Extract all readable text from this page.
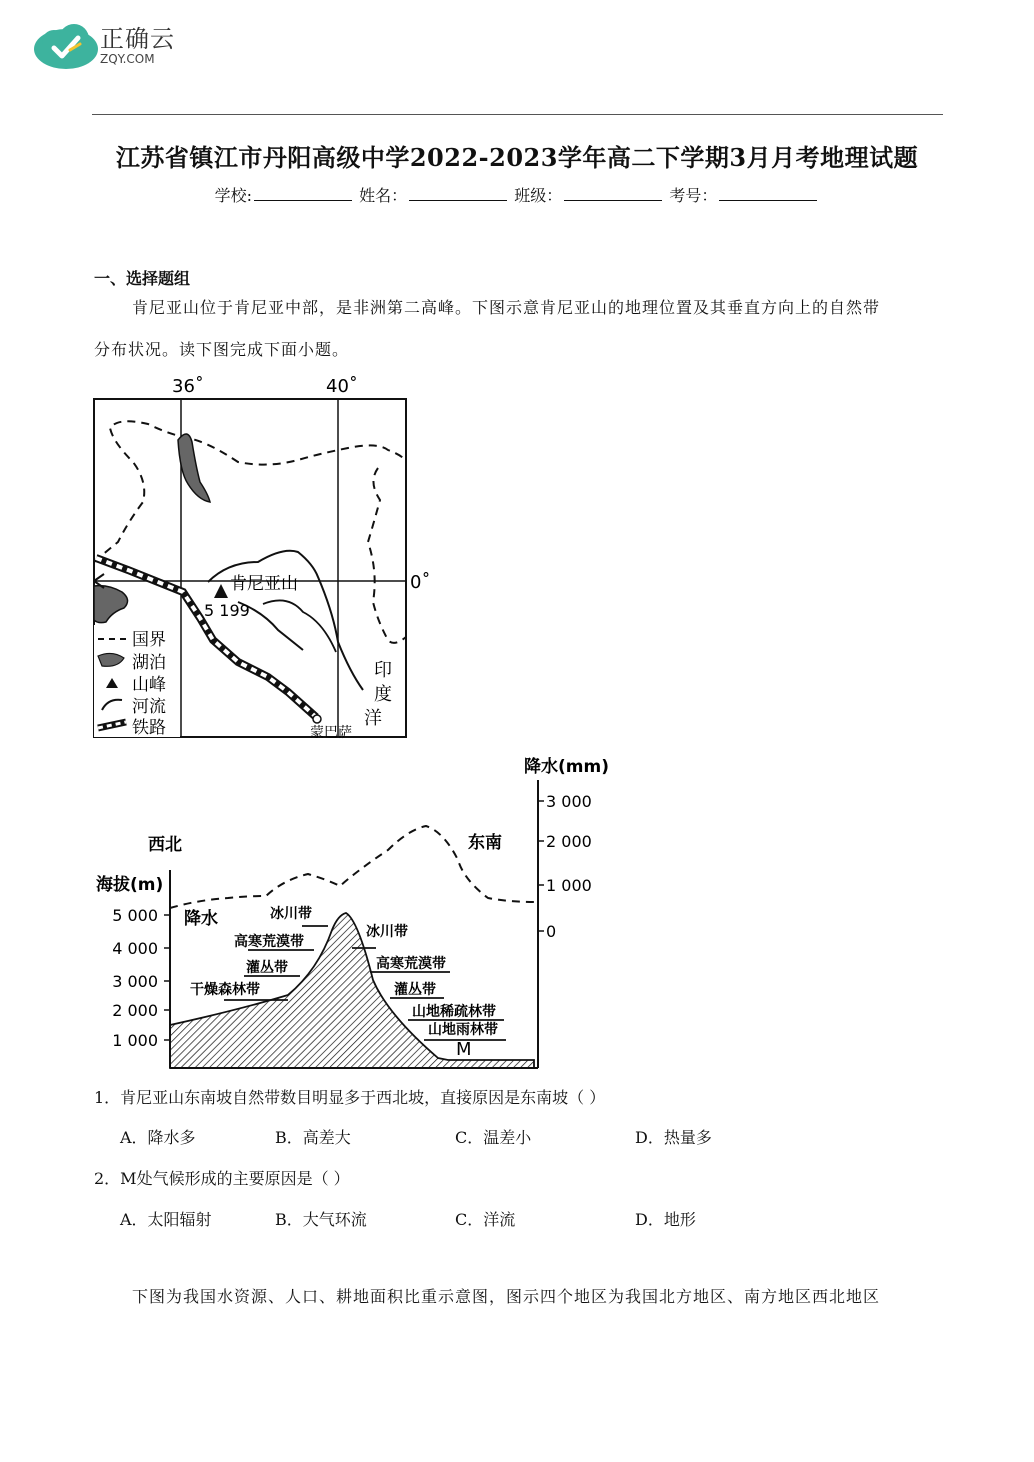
正确云
ZQY.COM
江苏省镇江市丹阳高级中学2022-2023学年高二下学期3月月考地理试题
学校:	姓名：	班级：	考号：
一、选择题组
肯尼亚山位于肯尼亚中部，是非洲第二高峰。下图示意肯尼亚山的地理位置及其垂直方向上的自然带
分布状况。读下图完成下面小题。
36˚	40˚
0˚
肯尼亚山
5 199
蒙巴萨
印
度
洋
国界
湖泊
山峰
河流
铁路
降水(mm)
西北	东南
海拔(m)
5 000
4 000
3 000
2 000
1 000
3 000
2 000
1 000
0
降水	冰川带
高寒荒漠带
灌丛带
干燥森林带
冰川带
高寒荒漠带
灌丛带
山地稀疏林带
山地雨林带
M
1．肯尼亚山东南坡自然带数目明显多于西北坡，直接原因是东南坡（ ）
A．降水多	B．高差大	C．温差小	D．热量多
2．M处气候形成的主要原因是（ ）
A．太阳辐射	B．大气环流	C．洋流	D．地形
下图为我国水资源、人口、耕地面积比重示意图，图示四个地区为我国北方地区、南方地区西北地区
